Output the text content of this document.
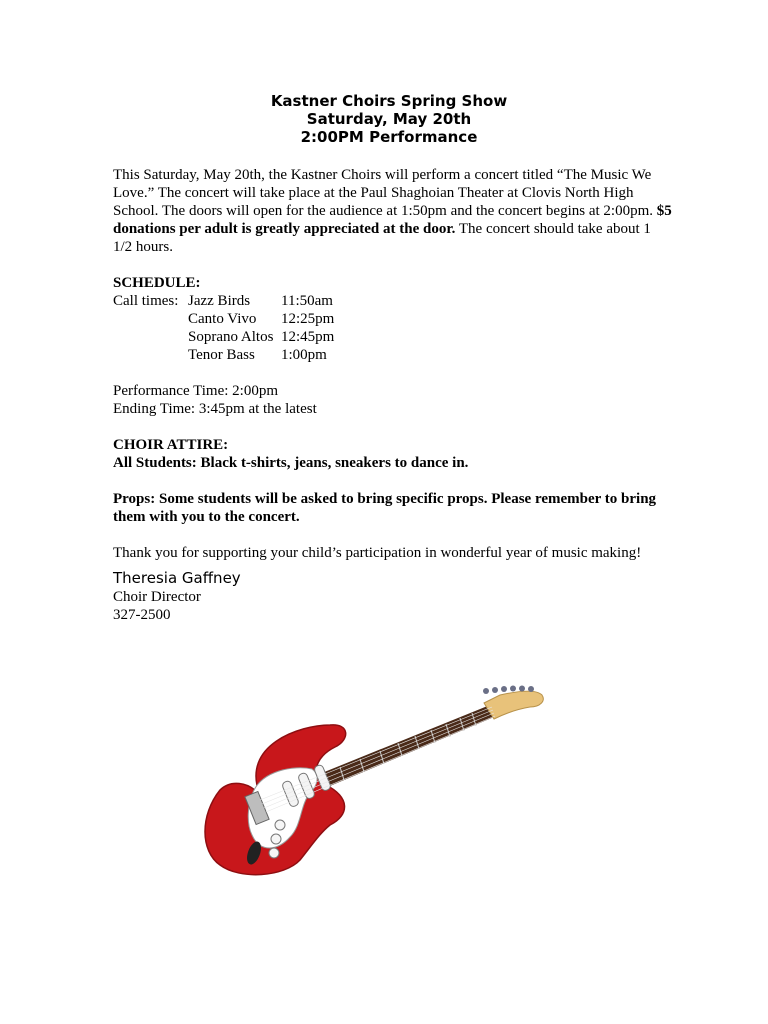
Kastner Choirs Spring Show
Saturday, May 20th
2:00PM Performance

This Saturday, May 20th, the Kastner Choirs will perform a concert titled “The Music We Love.” The concert will take place at the Paul Shaghoian Theater at Clovis North High School. The doors will open for the audience at 1:50pm and the concert begins at 2:00pm. $5 donations per adult is greatly appreciated at the door. The concert should take about 1 1/2 hours.

SCHEDULE:
Call times: Jazz Birds	11:50am
Canto Vivo	12:25pm
Soprano Altos 12:45pm
Tenor Bass	1:00pm
Performance Time: 2:00pm
Ending Time: 3:45pm at the latest
CHOIR ATTIRE:
All Students: Black t-shirts, jeans, sneakers to dance in.

Props: Some students will be asked to bring specific props. Please remember to bring them with you to the concert.

Thank you for supporting your child’s participation in wonderful year of music making!

Theresia Gaffney
Choir Director
327-2500
